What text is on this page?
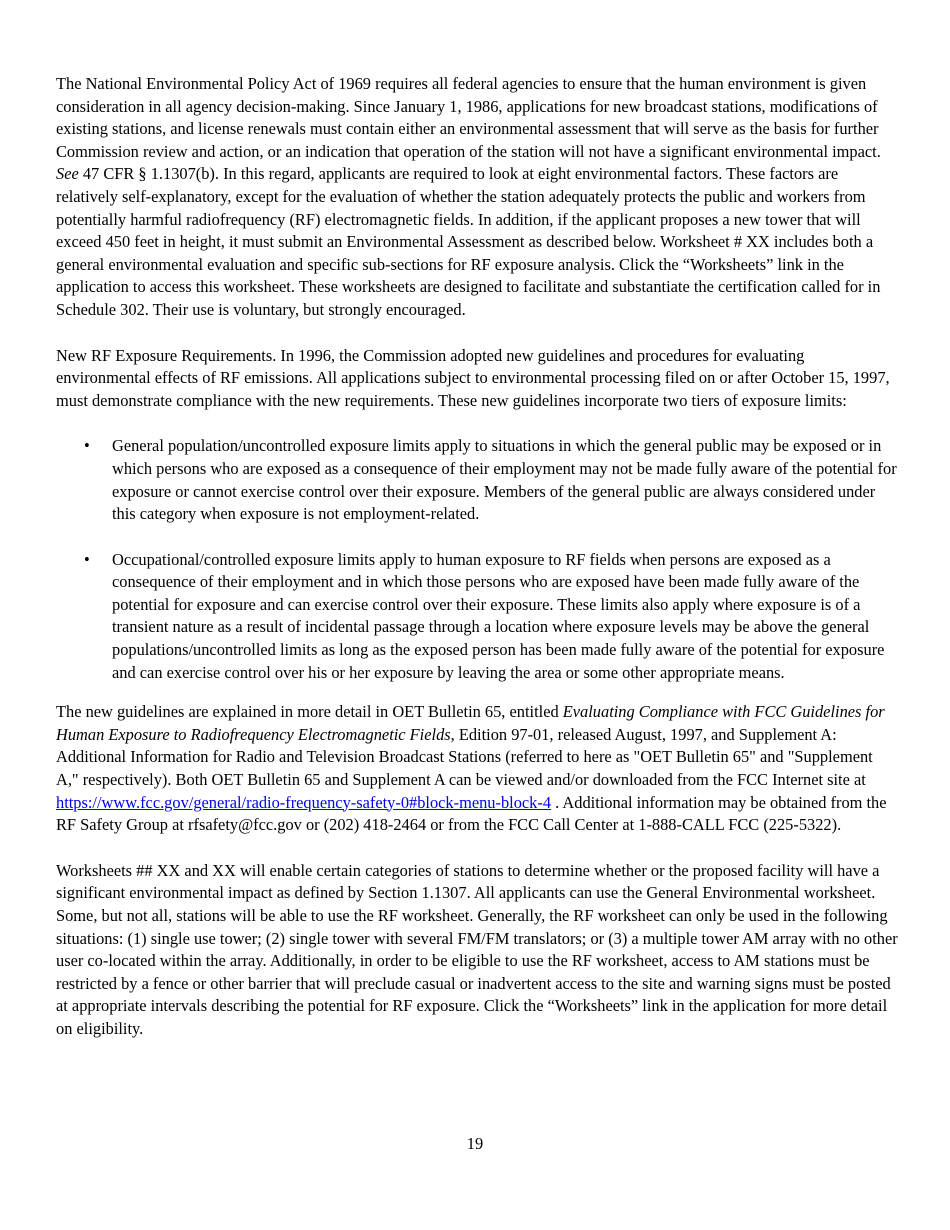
The National Environmental Policy Act of 1969 requires all federal agencies to ensure that the human environment is given consideration in all agency decision-making. Since January 1, 1986, applications for new broadcast stations, modifications of existing stations, and license renewals must contain either an environmental assessment that will serve as the basis for further Commission review and action, or an indication that operation of the station will not have a significant environmental impact. See 47 CFR § 1.1307(b). In this regard, applicants are required to look at eight environmental factors. These factors are relatively self-explanatory, except for the evaluation of whether the station adequately protects the public and workers from potentially harmful radiofrequency (RF) electromagnetic fields. In addition, if the applicant proposes a new tower that will exceed 450 feet in height, it must submit an Environmental Assessment as described below. Worksheet # XX includes both a general environmental evaluation and specific sub-sections for RF exposure analysis. Click the “Worksheets” link in the application to access this worksheet. These worksheets are designed to facilitate and substantiate the certification called for in Schedule 302. Their use is voluntary, but strongly encouraged.

New RF Exposure Requirements. In 1996, the Commission adopted new guidelines and procedures for evaluating environmental effects of RF emissions. All applications subject to environmental processing filed on or after October 15, 1997, must demonstrate compliance with the new requirements. These new guidelines incorporate two tiers of exposure limits:

• General population/uncontrolled exposure limits apply to situations in which the general public may be exposed or in which persons who are exposed as a consequence of their employment may not be made fully aware of the potential for exposure or cannot exercise control over their exposure. Members of the general public are always considered under this category when exposure is not employment-related.
• Occupational/controlled exposure limits apply to human exposure to RF fields when persons are exposed as a consequence of their employment and in which those persons who are exposed have been made fully aware of the potential for exposure and can exercise control over their exposure. These limits also apply where exposure is of a transient nature as a result of incidental passage through a location where exposure levels may be above the general populations/uncontrolled limits as long as the exposed person has been made fully aware of the potential for exposure and can exercise control over his or her exposure by leaving the area or some other appropriate means.

The new guidelines are explained in more detail in OET Bulletin 65, entitled Evaluating Compliance with FCC Guidelines for Human Exposure to Radiofrequency Electromagnetic Fields, Edition 97-01, released August, 1997, and Supplement A: Additional Information for Radio and Television Broadcast Stations (referred to here as "OET Bulletin 65" and "Supplement A," respectively). Both OET Bulletin 65 and Supplement A can be viewed and/or downloaded from the FCC Internet site at https://www.fcc.gov/general/radio-frequency-safety-0#block-menu-block-4 . Additional information may be obtained from the RF Safety Group at rfsafety@fcc.gov or (202) 418-2464 or from the FCC Call Center at 1-888-CALL FCC (225-5322).

Worksheets ## XX and XX will enable certain categories of stations to determine whether or the proposed facility will have a significant environmental impact as defined by Section 1.1307. All applicants can use the General Environmental worksheet. Some, but not all, stations will be able to use the RF worksheet. Generally, the RF worksheet can only be used in the following situations: (1) single use tower; (2) single tower with several FM/FM translators; or (3) a multiple tower AM array with no other user co-located within the array. Additionally, in order to be eligible to use the RF worksheet, access to AM stations must be restricted by a fence or other barrier that will preclude casual or inadvertent access to the site and warning signs must be posted at appropriate intervals describing the potential for RF exposure. Click the “Worksheets” link in the application for more detail on eligibility.

19
